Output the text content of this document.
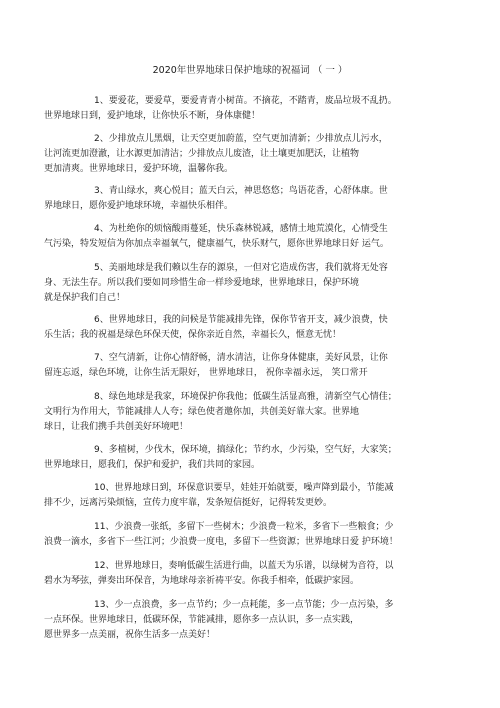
2020年世界地球日保护地球的祝福词 （ 一 ）
1、要爱花，要爱草，要爱青青小树苗。不摘花，不踏青，废品垃圾不乱扔。
世界地球日到，爱护地球，让你快乐不断，身体康健！
2、少排放点儿黑烟，让天空更加蔚蓝，空气更加清新；少排放点儿污水，
让河流更加澄澈，让水源更加清洁；少排放点儿废渣，让土壤更加肥沃，让植物
更加清爽。世界地球日，爱护环境，温馨你我。
3、青山绿水，爽心悦目；蓝天白云，神思悠悠；鸟语花香，心舒体康。世
界地球日，愿你爱护地球环境，幸福快乐相伴。
4、为杜绝你的烦恼酸雨蔓延，快乐森林锐减，感情土地荒漠化，心情受生
气污染，特发短信为你加点幸福氧气，健康福气，快乐财气，愿你世界地球日好 运气。
5、美丽地球是我们赖以生存的源泉，一但对它造成伤害，我们就将无处容
身、无法生存。所以我们要如同珍惜生命一样珍爱地球，世界地球日，保护环境
就是保护我们自己！
6、世界地球日，我的问候是节能减排先锋，保你节省开支，减少浪费，快
乐生活；我的祝福是绿色环保天使，保你亲近自然，幸福长久，惬意无忧！
7、空气清新，让你心情舒畅，清水清洁，让你身体健康，美好风景，让你
留连忘返，绿色环境，让你生活无限好， 世界地球日， 祝你幸福永远， 笑口常开
8、绿色地球是我家，环境保护你我他；低碳生活显高雅，清新空气心情佳；
文明行为作用大，节能减排人人夸；绿色使者邀你加，共创美好靠大家。世界地
球日，让我们携手共创美好环境吧！
9、多植树，少伐木，保环境，搞绿化；节约水，少污染，空气好，大家笑；
世界地球日，愿我们，保护和爱护，我们共同的家园。
10、世界地球日到，环保意识要早，娃娃开始就要，噪声降到最小，节能减
排不少，远离污染烦恼，宣传力度牢靠，发条短信挺好，记得转发更妙。
11、少浪费一张纸，多留下一些树木；少浪费一粒米，多省下一些粮食；少
浪费一滴水，多省下一些江河；少浪费一度电，多留下一些资源；世界地球日爱 护环境！
12、世界地球日，奏响低碳生活进行曲，以蓝天为乐谱，以绿树为音符，以
碧水为琴弦，弹奏出环保音，为地球母亲祈祷平安。你我手相牵，低碳护家园。
13、少一点浪费，多一点节约；少一点耗能，多一点节能；少一点污染，多
一点环保。世界地球日，低碳环保，节能减排，愿你多一点认识，多一点实践，
愿世界多一点美丽，祝你生活多一点美好！
